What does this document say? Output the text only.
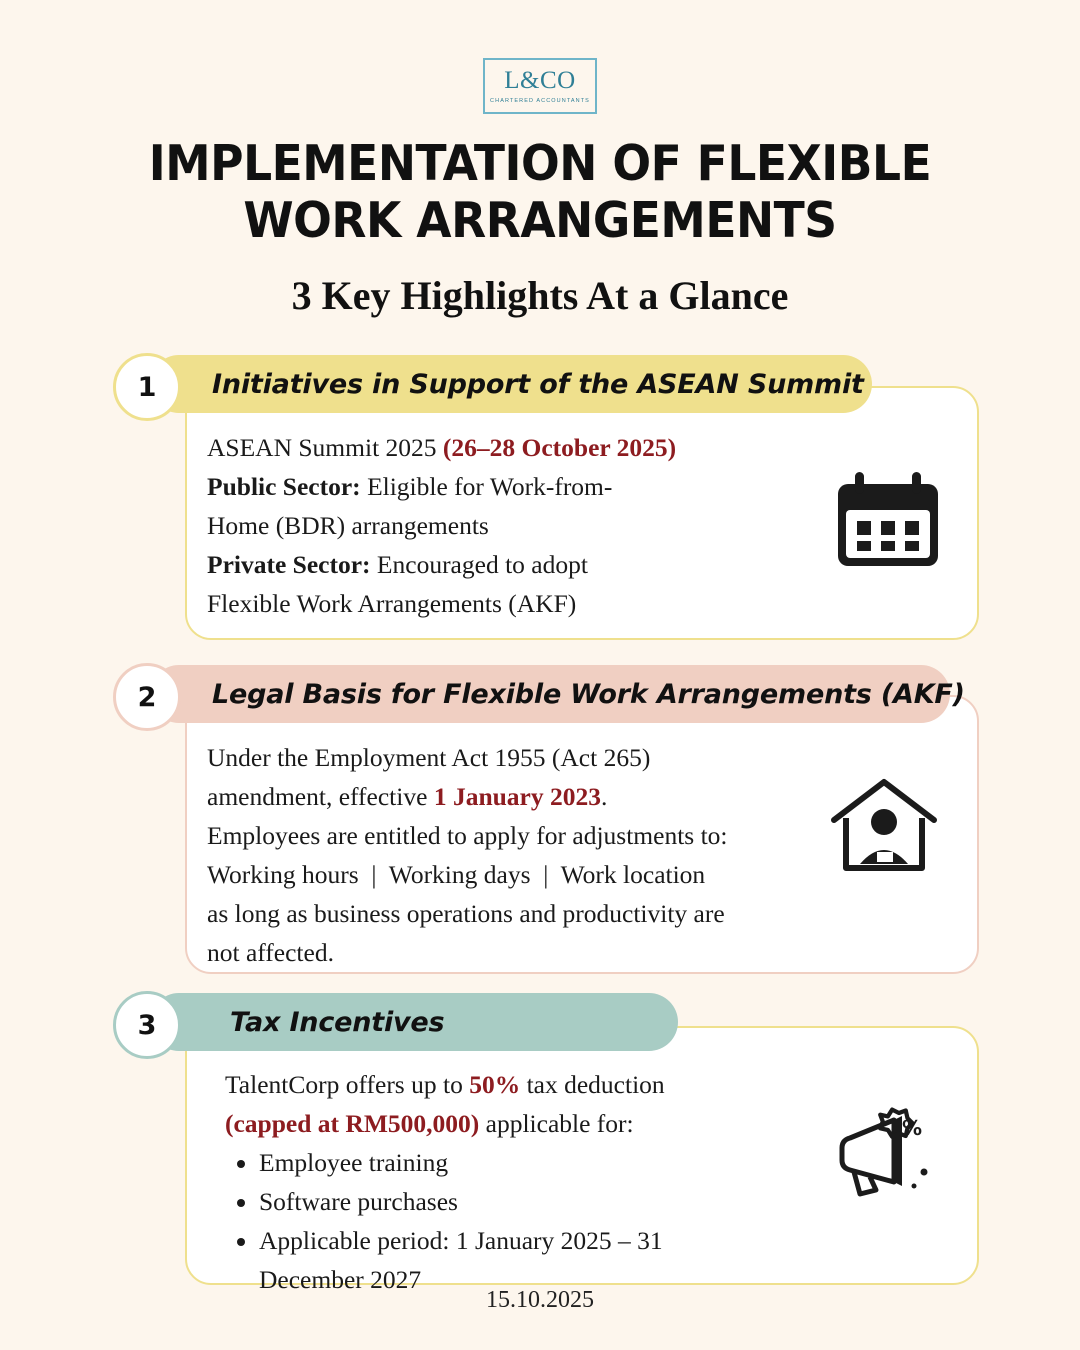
L&CO
CHARTERED ACCOUNTANTS
IMPLEMENTATION OF FLEXIBLE
WORK ARRANGEMENTS
3 Key Highlights At a Glance
Initiatives in Support of the ASEAN Summit
1
ASEAN Summit 2025 (26–28 October 2025)
Public Sector: Eligible for Work-from-
Home (BDR) arrangements
Private Sector: Encouraged to adopt
Flexible Work Arrangements (AKF)
Legal Basis for Flexible Work Arrangements (AKF)
2
Under the Employment Act 1955 (Act 265)
amendment, effective 1 January 2023.
Employees are entitled to apply for adjustments to:
Working hours  |  Working days  |  Work location
as long as business operations and productivity are
not affected.
Tax Incentives
3
TalentCorp offers up to 50% tax deduction
(capped at RM500,000) applicable for:
• Employee training
• Software purchases
• Applicable period: 1 January 2025 – 31 December 2027
%
15.10.2025
